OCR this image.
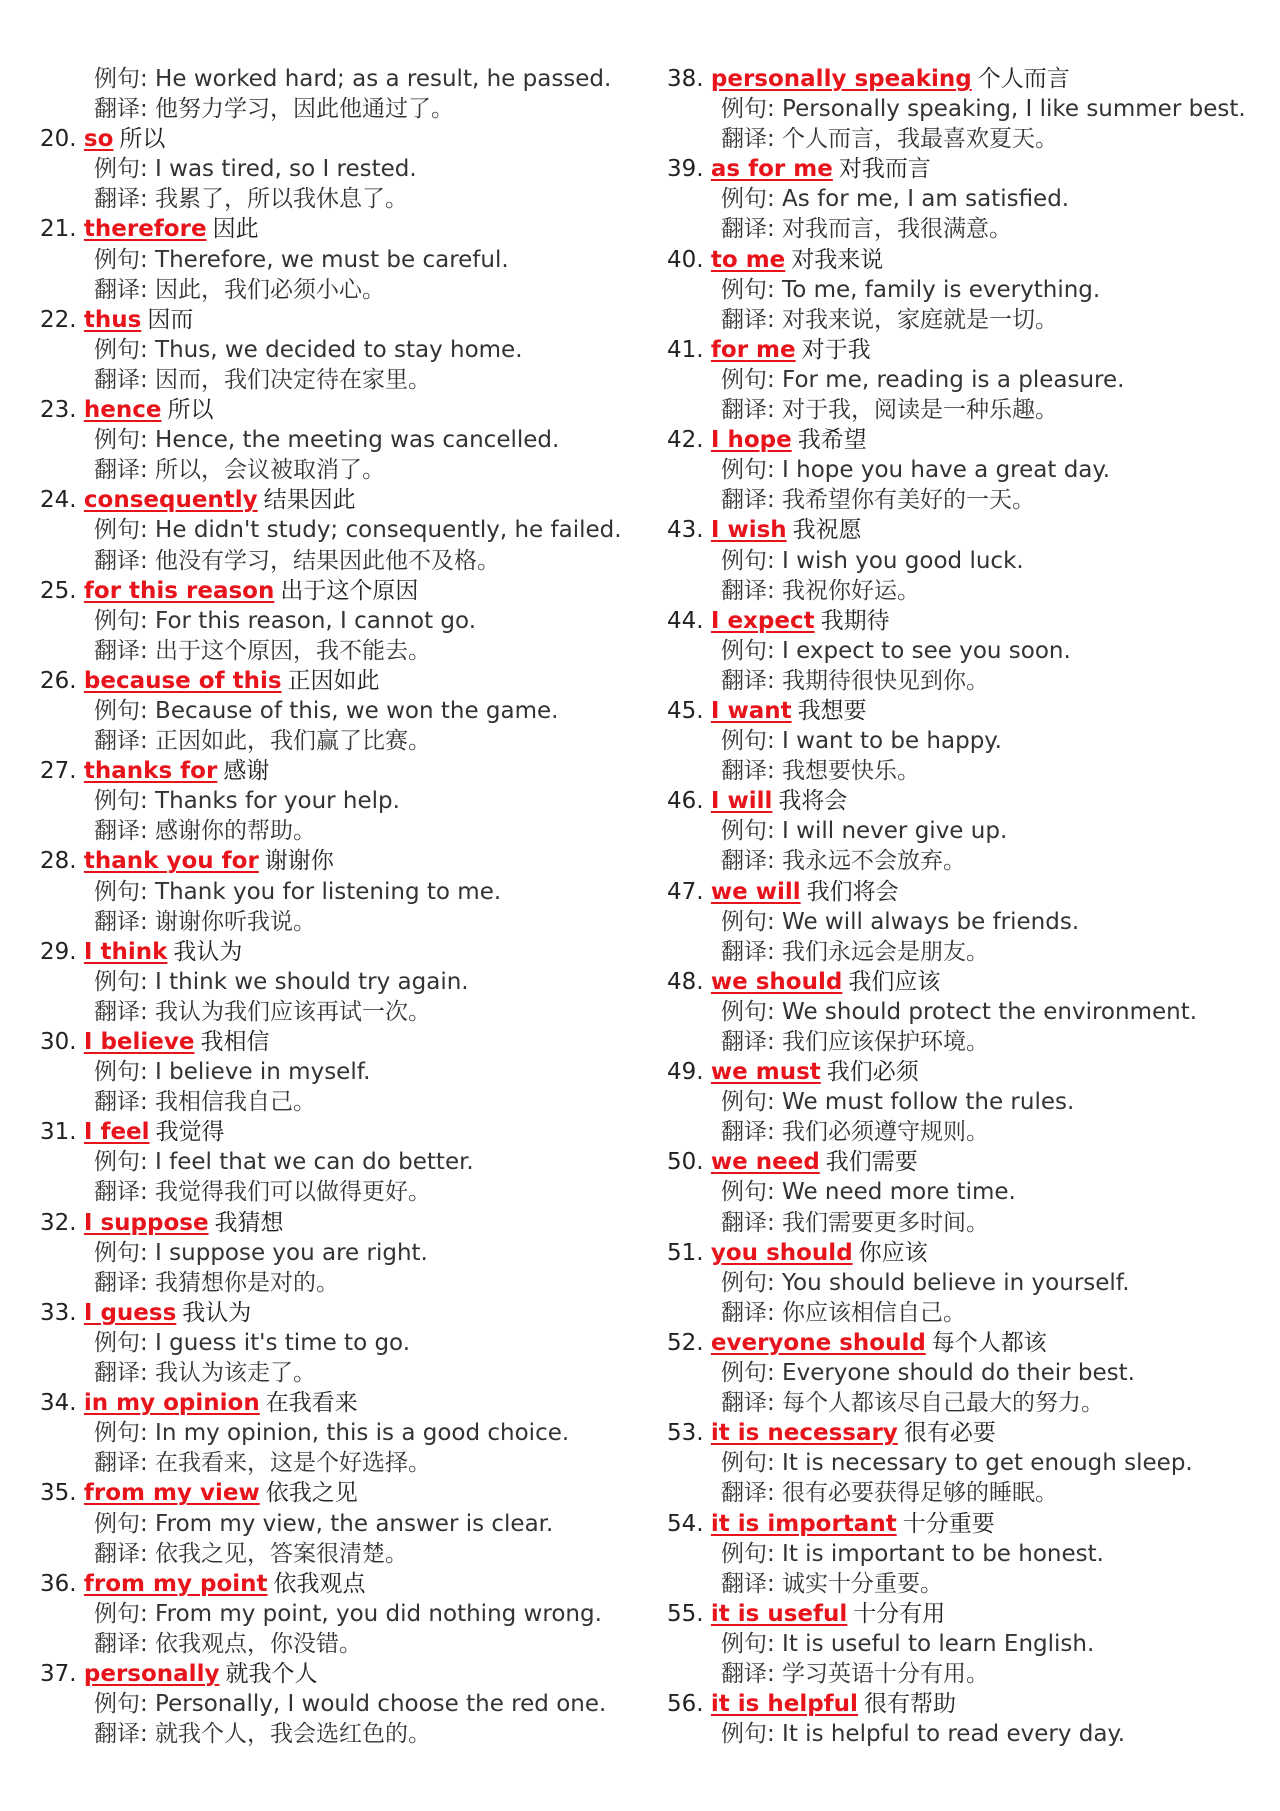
例句: He worked hard; as a result, he passed.
翻译: 他努力学习，因此他通过了。
20. so 所以
例句: I was tired, so I rested.
翻译: 我累了，所以我休息了。
21. therefore 因此
例句: Therefore, we must be careful.
翻译: 因此，我们必须小心。
22. thus 因而
例句: Thus, we decided to stay home.
翻译: 因而，我们决定待在家里。
23. hence 所以
例句: Hence, the meeting was cancelled.
翻译: 所以，会议被取消了。
24. consequently 结果因此
例句: He didn't study; consequently, he failed.
翻译: 他没有学习，结果因此他不及格。
25. for this reason 出于这个原因
例句: For this reason, I cannot go.
翻译: 出于这个原因，我不能去。
26. because of this 正因如此
例句: Because of this, we won the game.
翻译: 正因如此，我们赢了比赛。
27. thanks for 感谢
例句: Thanks for your help.
翻译: 感谢你的帮助。
28. thank you for 谢谢你
例句: Thank you for listening to me.
翻译: 谢谢你听我说。
29. I think 我认为
例句: I think we should try again.
翻译: 我认为我们应该再试一次。
30. I believe 我相信
例句: I believe in myself.
翻译: 我相信我自己。
31. I feel 我觉得
例句: I feel that we can do better.
翻译: 我觉得我们可以做得更好。
32. I suppose 我猜想
例句: I suppose you are right.
翻译: 我猜想你是对的。
33. I guess 我认为
例句: I guess it's time to go.
翻译: 我认为该走了。
34. in my opinion 在我看来
例句: In my opinion, this is a good choice.
翻译: 在我看来，这是个好选择。
35. from my view 依我之见
例句: From my view, the answer is clear.
翻译: 依我之见，答案很清楚。
36. from my point 依我观点
例句: From my point, you did nothing wrong.
翻译: 依我观点，你没错。
37. personally 就我个人
例句: Personally, I would choose the red one.
翻译: 就我个人，我会选红色的。
38. personally speaking 个人而言
例句: Personally speaking, I like summer best.
翻译: 个人而言，我最喜欢夏天。
39. as for me 对我而言
例句: As for me, I am satisfied.
翻译: 对我而言，我很满意。
40. to me 对我来说
例句: To me, family is everything.
翻译: 对我来说，家庭就是一切。
41. for me 对于我
例句: For me, reading is a pleasure.
翻译: 对于我，阅读是一种乐趣。
42. I hope 我希望
例句: I hope you have a great day.
翻译: 我希望你有美好的一天。
43. I wish 我祝愿
例句: I wish you good luck.
翻译: 我祝你好运。
44. I expect 我期待
例句: I expect to see you soon.
翻译: 我期待很快见到你。
45. I want 我想要
例句: I want to be happy.
翻译: 我想要快乐。
46. I will 我将会
例句: I will never give up.
翻译: 我永远不会放弃。
47. we will 我们将会
例句: We will always be friends.
翻译: 我们永远会是朋友。
48. we should 我们应该
例句: We should protect the environment.
翻译: 我们应该保护环境。
49. we must 我们必须
例句: We must follow the rules.
翻译: 我们必须遵守规则。
50. we need 我们需要
例句: We need more time.
翻译: 我们需要更多时间。
51. you should 你应该
例句: You should believe in yourself.
翻译: 你应该相信自己。
52. everyone should 每个人都该
例句: Everyone should do their best.
翻译: 每个人都该尽自己最大的努力。
53. it is necessary 很有必要
例句: It is necessary to get enough sleep.
翻译: 很有必要获得足够的睡眠。
54. it is important 十分重要
例句: It is important to be honest.
翻译: 诚实十分重要。
55. it is useful 十分有用
例句: It is useful to learn English.
翻译: 学习英语十分有用。
56. it is helpful 很有帮助
例句: It is helpful to read every day.
